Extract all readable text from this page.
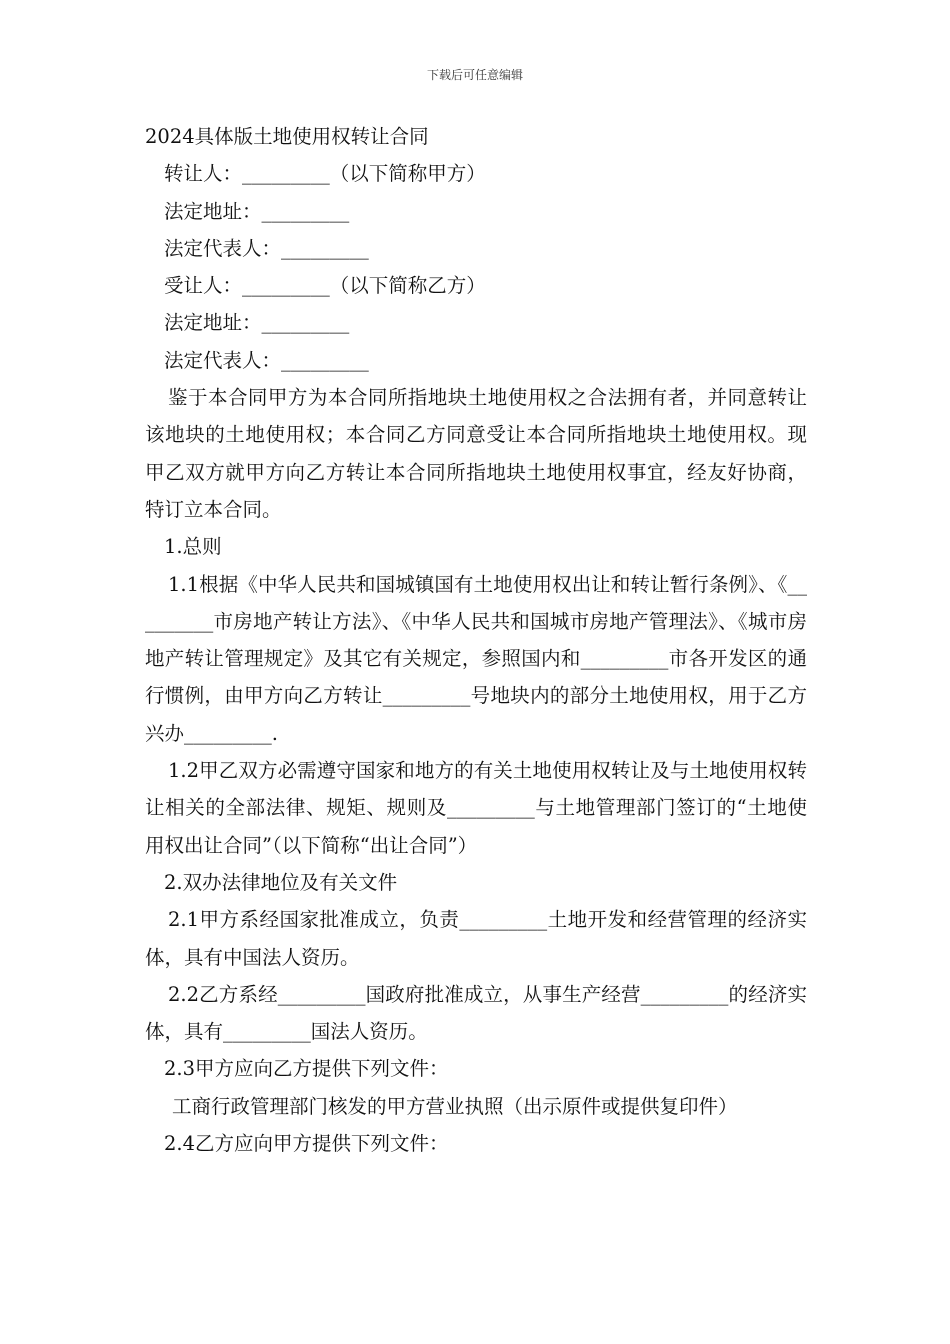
下载后可任意编辑

2024具体版土地使用权转让合同

转让人：_________（以下简称甲方）

法定地址：_________

法定代表人：_________

受让人：_________（以下简称乙方）

法定地址：_________

法定代表人：_________

鉴于本合同甲方为本合同所指地块土地使用权之合法拥有者，并同意转让该地块的土地使用权；本合同乙方同意受让本合同所指地块土地使用权。现甲乙双方就甲方向乙方转让本合同所指地块土地使用权事宜，经友好协商，特订立本合同。

1.总则

1.1根据《中华人民共和国城镇国有土地使用权出让和转让暂行条例》、《_________市房地产转让方法》、《中华人民共和国城市房地产管理法》、《城市房地产转让管理规定》及其它有关规定，参照国内和_________市各开发区的通行惯例，由甲方向乙方转让_________号地块内的部分土地使用权，用于乙方兴办_________.

1.2甲乙双方必需遵守国家和地方的有关土地使用权转让及与土地使用权转让相关的全部法律、规矩、规则及_________与土地管理部门签订的“土地使用权出让合同”（以下简称“出让合同”）

2.双办法律地位及有关文件

2.1甲方系经国家批准成立，负责_________土地开发和经营管理的经济实体，具有中国法人资历。

2.2乙方系经_________国政府批准成立，从事生产经营_________的经济实体，具有_________国法人资历。

2.3甲方应向乙方提供下列文件：

工商行政管理部门核发的甲方营业执照（出示原件或提供复印件）

2.4乙方应向甲方提供下列文件：
